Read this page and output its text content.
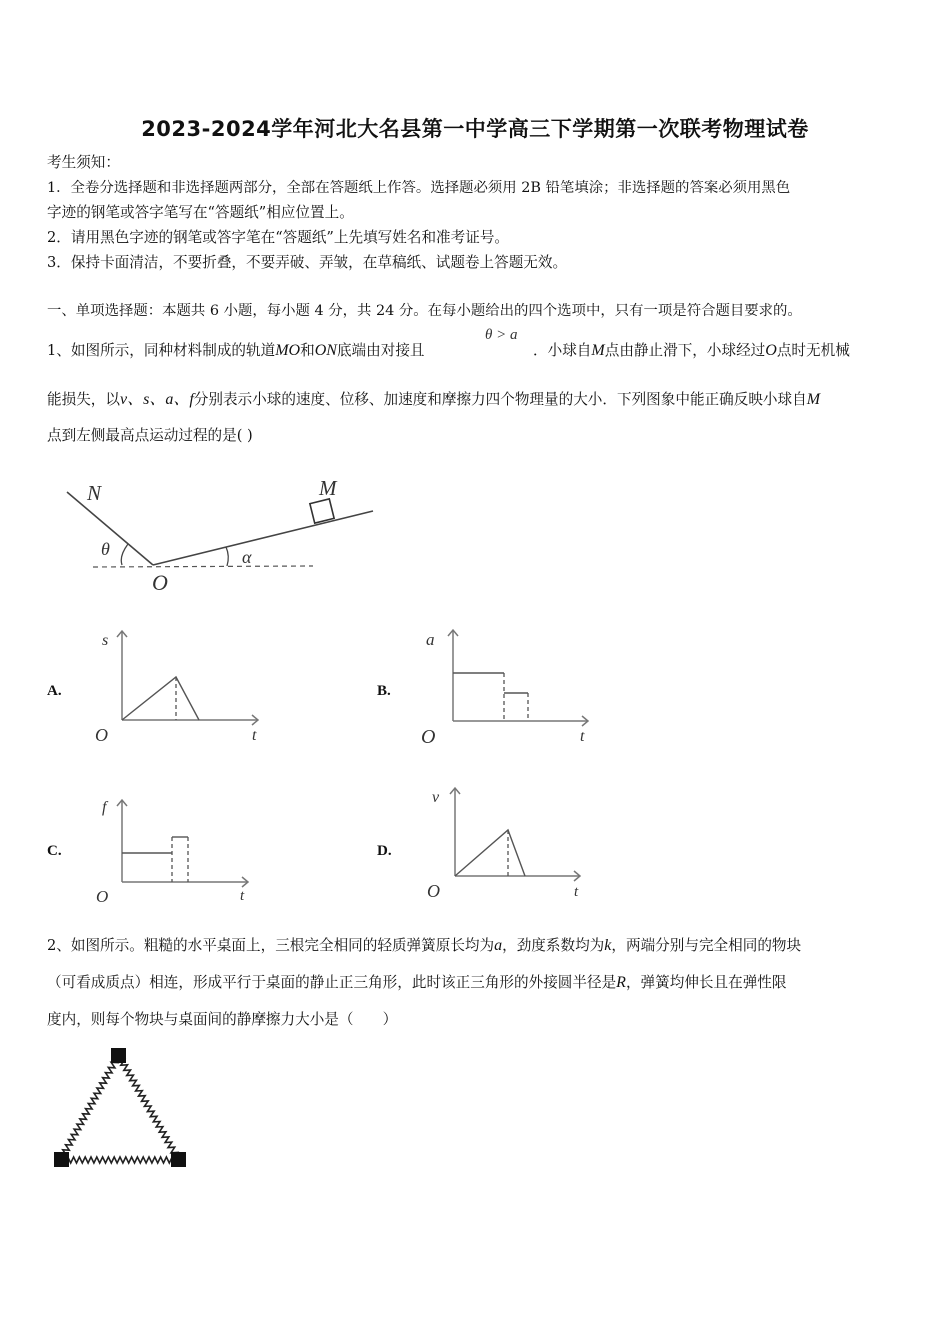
2023-2024学年河北大名县第一中学高三下学期第一次联考物理试卷
考生须知：
1．全卷分选择题和非选择题两部分，全部在答题纸上作答。选择题必须用 2B 铅笔填涂；非选择题的答案必须用黑色
字迹的钢笔或答字笔写在“答题纸”相应位置上。
2．请用黑色字迹的钢笔或答字笔在“答题纸”上先填写姓名和准考证号。
3．保持卡面清洁，不要折叠，不要弄破、弄皱，在草稿纸、试题卷上答题无效。
一、单项选择题：本题共 6 小题，每小题 4 分，共 24 分。在每小题给出的四个选项中，只有一项是符合题目要求的。
1、如图所示，同种材料制成的轨道MO和ON底端由对接且
θ > a
．小球自M点由静止滑下，小球经过O点时无机械
能损失，以v、s、a、f分别表示小球的速度、位移、加速度和摩擦力四个物理量的大小．下列图象中能正确反映小球自M
点到左侧最高点运动过程的是( )
N	M
θ	α
O
A.
s
t
O
B.
a
t
O
C.
f
t
O
D.
v
t
O
2、如图所示。粗糙的水平桌面上，三根完全相同的轻质弹簧原长均为a，劲度系数均为k，两端分别与完全相同的物块
（可看成质点）相连，形成平行于桌面的静止正三角形，此时该正三角形的外接圆半径是R，弹簧均伸长且在弹性限
度内，则每个物块与桌面间的静摩擦力大小是（　　）
